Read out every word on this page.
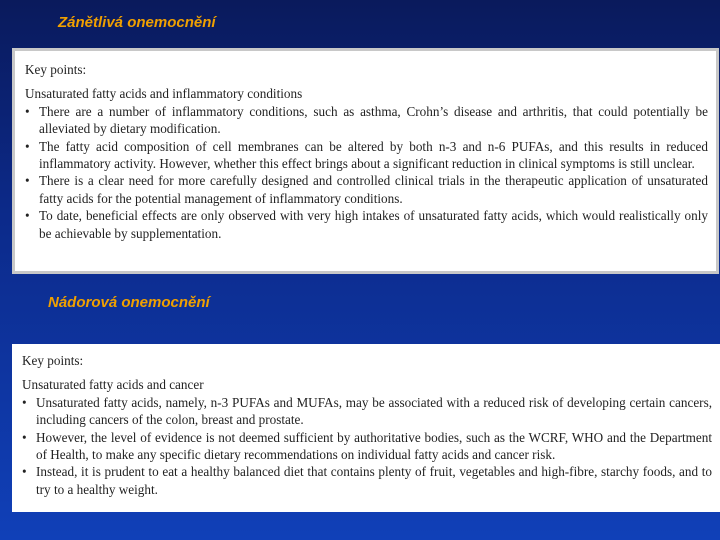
Zánětlivá onemocnění

Key points:

Unsaturated fatty acids and inflammatory conditions

• There are a number of inflammatory conditions, such as asthma, Crohn’s disease and arthritis, that could potentially be alleviated by dietary modification.
• The fatty acid composition of cell membranes can be altered by both n-3 and n-6 PUFAs, and this results in reduced inflammatory activity. However, whether this effect brings about a significant reduction in clinical symptoms is still unclear.
• There is a clear need for more carefully designed and controlled clinical trials in the therapeutic application of unsaturated fatty acids for the potential management of inflammatory conditions.
• To date, beneficial effects are only observed with very high intakes of unsaturated fatty acids, which would realistically only be achievable by supplementation.
Nádorová onemocnění

Key points:

Unsaturated fatty acids and cancer

• Unsaturated fatty acids, namely, n-3 PUFAs and MUFAs, may be associated with a reduced risk of developing certain cancers, including cancers of the colon, breast and prostate.
• However, the level of evidence is not deemed sufficient by authoritative bodies, such as the WCRF, WHO and the Department of Health, to make any specific dietary recommendations on individual fatty acids and cancer risk.
• Instead, it is prudent to eat a healthy balanced diet that contains plenty of fruit, vegetables and high-fibre, starchy foods, and to try to a healthy weight.
